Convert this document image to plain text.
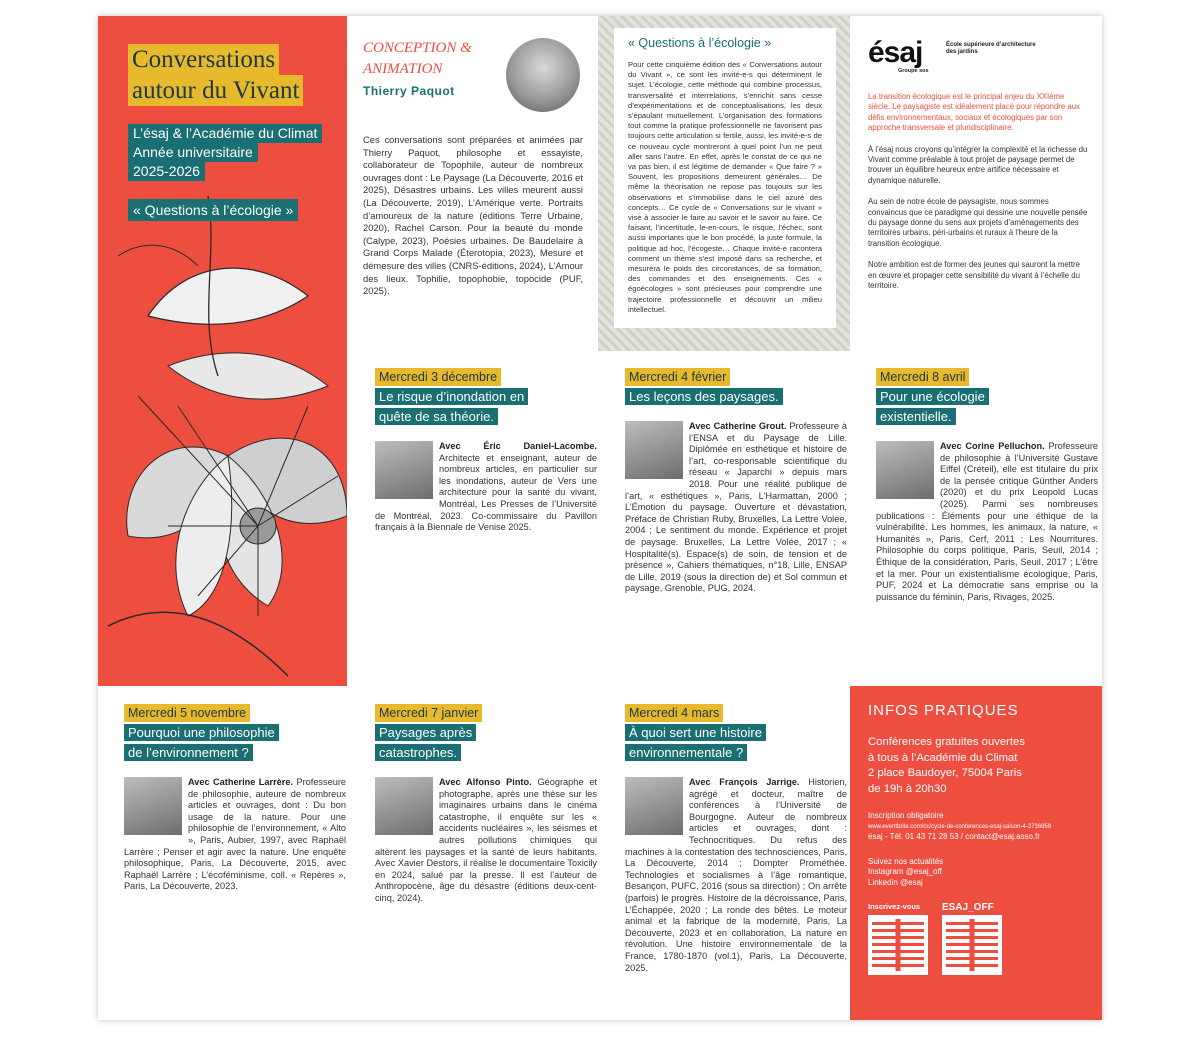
Conversations
autour du Vivant
L’ésaj & l’Académie du Climat
Année universitaire
2025-2026
« Questions à l’écologie »
CONCEPTION &
ANIMATION
Thierry Paquot

Ces conversations sont préparées et animées par Thierry Paquot, philosophe et essayiste, collaborateur de Topophile, auteur de nombreux ouvrages dont : Le Paysage (La Découverte, 2016 et 2025), Désastres urbains. Les villes meurent aussi (La Découverte, 2019), L’Amérique verte. Portraits d’amoureux de la nature (éditions Terre Urbaine, 2020), Rachel Carson. Pour la beauté du monde (Calype, 2023), Poésies urbaines. De Baudelaire à Grand Corps Malade (Éterotopia, 2023), Mesure et démesure des villes (CNRS-éditions, 2024), L’Amour des lieux. Tophilie, topophobie, topocide (PUF, 2025).

« Questions à l’écologie »

Pour cette cinquième édition des « Conversations autour du Vivant », ce sont les invité-e-s qui déterminent le sujet. L’écologie, cette méthode qui combine processus, transversalité et interrelations, s’enrichit sans cesse d’expérimentations et de conceptualisations, les deux s’épaulant mutuellement. L’organisation des formations tout comme la pratique professionnelle ne favorisent pas toujours cette articulation si fertile, aussi, les invité-e-s de ce nouveau cycle montreront à quel point l’un ne peut aller sans l’autre. En effet, après le constat de ce qui ne va pas bien, il est légitime de demander « Que faire ? » Souvent, les propositions demeurent générales… De même la théorisation ne repose pas toujours sur les observations et s’immobilise dans le ciel azuré des concepts… Ce cycle de « Conversations sur le vivant » vise à associer le faire au savoir et le savoir au faire. Ce faisant, l’incertitude, le-en-cours, le risque, l’échec, sont aussi importants que le bon procédé, la juste formule, la politique ad hoc, l’écogeste… Chaque invité-e racontera comment un thème s’est imposé dans sa recherche, et mesurera le poids des circonstances, de sa formation, des commandes et des enseignements. Ces « égoécologies » sont précieuses pour comprendre une trajectoire professionnelle et découvrir un milieu intellectuel.

ésaj
Groupe sos
École supérieure d’architecture des jardins

La transition écologique est le principal enjeu du XXIème siècle. Le paysagiste est idéalement placé pour répondre aux défis environnementaux, sociaux et écologiques par son approche transversale et pluridisciplinaire.

À l’ésaj nous croyons qu’intégrer la complexité et la richesse du Vivant comme préalable à tout projet de paysage permet de trouver un équilibre heureux entre artifice nécessaire et dynamique naturelle.

Au sein de notre école de paysagiste, nous sommes convaincus que ce paradigme qui dessine une nouvelle pensée du paysage donne du sens aux projets d’aménagements des territoires urbains, péri-urbains et ruraux à l’heure de la transition écologique.

Notre ambition est de former des jeunes qui sauront la mettre en œuvre et propager cette sensibilité du vivant à l’échelle du territoire.

Mercredi 3 décembre
Le risque d’inondation en
quête de sa théorie.
Avec Éric Daniel-Lacombe. Architecte et enseignant, auteur de nombreux articles, en particulier sur les inondations, auteur de Vers une architecture pour la santé du vivant, Montréal, Les Presses de l’Université de Montréal, 2023. Co-commissaire du Pavillon français à la Biennale de Venise 2025.
Mercredi 4 février
Les leçons des paysages.
Avec Catherine Grout. Professeure à l’ENSA et du Paysage de Lille. Diplômée en esthétique et histoire de l’art, co-responsable scientifique du réseau « Japarchi » depuis mars 2018. Pour une réalité publique de l’art, « esthétiques », Paris, L’Harmattan, 2000 ; L’Émotion du paysage. Ouverture et dévastation, Préface de Christian Ruby, Bruxelles, La Lettre Volée, 2004 ; Le sentiment du monde. Expérience et projet de paysage. Bruxelles, La Lettre Volée, 2017 ; « Hospitalité(s). Espace(s) de soin, de tension et de présence », Cahiers thématiques, n°18, Lille, ENSAP de Lille, 2019 (sous la direction de) et Sol commun et paysage, Grenoble, PUG, 2024.
Mercredi 8 avril
Pour une écologie
existentielle.
Avec Corine Pelluchon. Professeure de philosophie à l’Université Gustave Eiffel (Créteil), elle est titulaire du prix de la pensée critique Günther Anders (2020) et du prix Leopold Lucas (2025). Parmi ses nombreuses publications : Éléments pour une éthique de la vulnérabilité. Les hommes, les animaux, la nature, « Humanités », Paris, Cerf, 2011 ; Les Nourritures. Philosophie du corps politique, Paris, Seuil, 2014 ; Éthique de la considération, Paris, Seuil, 2017 ; L’être et la mer. Pour un existentialisme écologique, Paris, PUF, 2024 et La démocratie sans emprise ou la puissance du féminin, Paris, Rivages, 2025.
Mercredi 5 novembre
Pourquoi une philosophie
de l’environnement ?
Avec Catherine Larrère. Professeure de philosophie, auteure de nombreux articles et ouvrages, dont : Du bon usage de la nature. Pour une philosophie de l’environnement, « Alto », Paris, Aubier, 1997, avec Raphaël Larrère ; Penser et agir avec la nature. Une enquête philosophique, Paris, La Découverte, 2015, avec Raphaël Larrère ; L’écoféminisme, coll. « Repères », Paris, La Découverte, 2023.
Mercredi 7 janvier
Paysages après
catastrophes.
Avec Alfonso Pinto. Géographe et photographe, après une thèse sur les imaginaires urbains dans le cinéma catastrophe, il enquête sur les « accidents nucléaires », les séismes et autres pollutions chimiques qui altèrent les paysages et la santé de leurs habitants. Avec Xavier Destors, il réalise le documentaire Toxicily en 2024, salué par la presse. Il est l’auteur de Anthropocène, âge du désastre (éditions deux-cent-cinq, 2024).
Mercredi 4 mars
À quoi sert une histoire
environnementale ?
Avec François Jarrige. Historien, agrégé et docteur, maître de conférences à l’Université de Bourgogne. Auteur de nombreux articles et ouvrages, dont : Technocritiques. Du refus des machines à la contestation des technosciences, Paris, La Découverte, 2014 ; Dompter Prométhée. Technologies et socialismes à l’âge romantique, Besançon, PUFC, 2016 (sous sa direction) ; On arrête (parfois) le progrès. Histoire de la décroissance, Paris, L’Échappée, 2020 ; La ronde des bêtes. Le moteur animal et la fabrique de la modernité, Paris, La Découverte, 2023 et en collaboration, La nature en révolution. Une histoire environnementale de la France, 1780-1870 (vol.1), Paris, La Découverte, 2025.
INFOS PRATIQUES
Conférences gratuites ouvertes
à tous à l’Académie du Climat
2 place Baudoyer, 75004 Paris
de 19h à 20h30
Inscription obligatoire
www.eventbrite.com/cc/cycle-de-conferences-esaj-saison-4-3736959
ésaj - Tél. 01 43 71 28 53 / contact@esaj.asso.fr
Suivez nos actualités
Instagram @esaj_off
Linkedin @esaj
Inscrivez-vous	ESAJ_OFF
